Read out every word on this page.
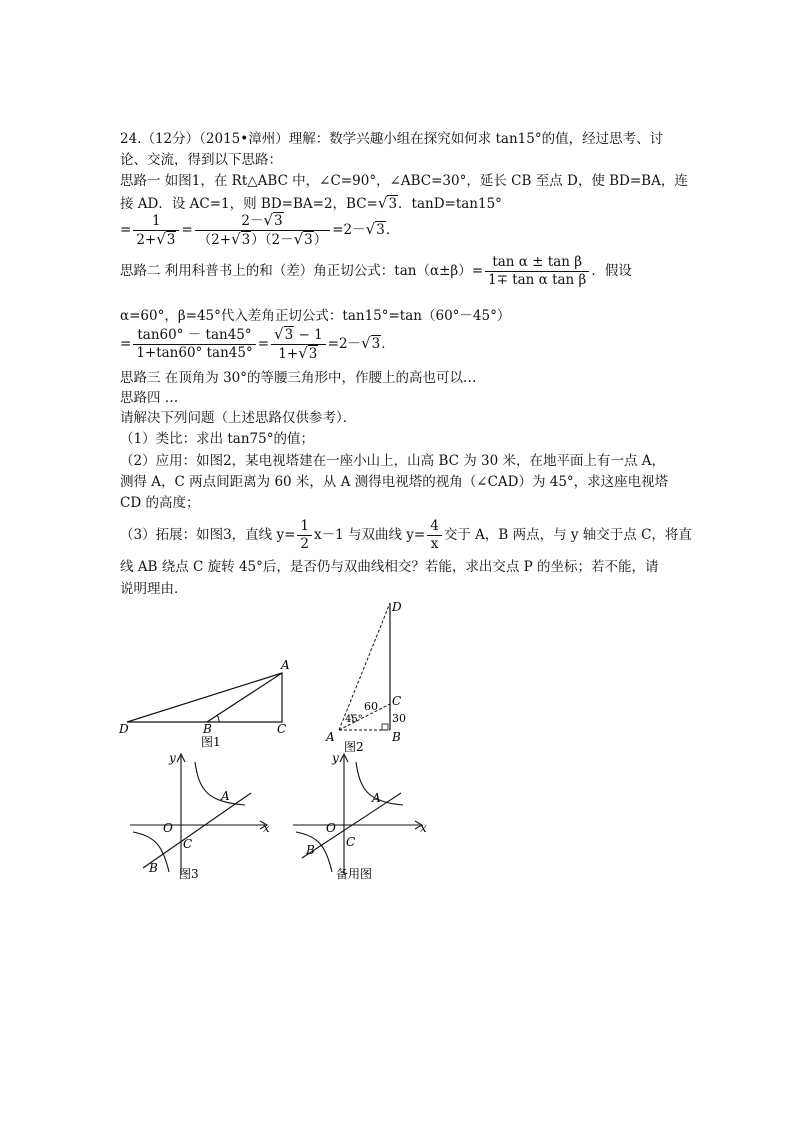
24.（12分）（2015•漳州）理解：数学兴趣小组在探究如何求 tan15°的值，经过思考、讨
论、交流，得到以下思路：
思路一 如图1，在 Rt△ABC 中，∠C=90°，∠ABC=30°，延长 CB 至点 D，使 BD=BA，连
接 AD．设 AC=1，则 BD=BA=2，BC=√3．tanD=tan15°
= $\frac{1}{2+√3} = \frac{2-√3}{(2+√3)(2-√3)} =2-√3$．
思路二 利用科普书上的和（差）角正切公式：$\tan(\alpha\pm\beta)= \frac{\text{tan α ± tan β}}{\text{1∓ tan α tan β}}$ ．假设
α=60°，β=45°代入差角正切公式：tan15°=tan（60°－45°）
= $\frac{\tan 60^\circ - \tan 45^\circ}{1+\tan 60^\circ \tan 45^\circ} = \frac{√3 - 1}{1+√3} =2-√3$．
思路三 在顶角为 30°的等腰三角形中，作腰上的高也可以…
思路四 …
请解决下列问题（上述思路仅供参考）．
（1）类比：求出 tan75°的值；
（2）应用：如图2，某电视塔建在一座小山上，山高 BC 为 30 米，在地平面上有一点 A，
测得 A，C 两点间距离为 60 米，从 A 测得电视塔的视角（∠CAD）为 45°，求这座电视塔
CD 的高度；
（3）拓展：如图3，直线 $y= \frac{1}{2} x-1$ 与双曲线 $y= \frac{4}{x}$ 交于 A，B 两点，与 y 轴交于点 C，将直
线 AB 绕点 C 旋转 45°后，是否仍与双曲线相交？若能，求出交点 P 的坐标；若不能，请
说明理由．
A
D	B	C
图1
D
C
B
A
60
30
45°
图2
A
B
C
O	x
y
图3
A
B
C
O	x
y
备用图
